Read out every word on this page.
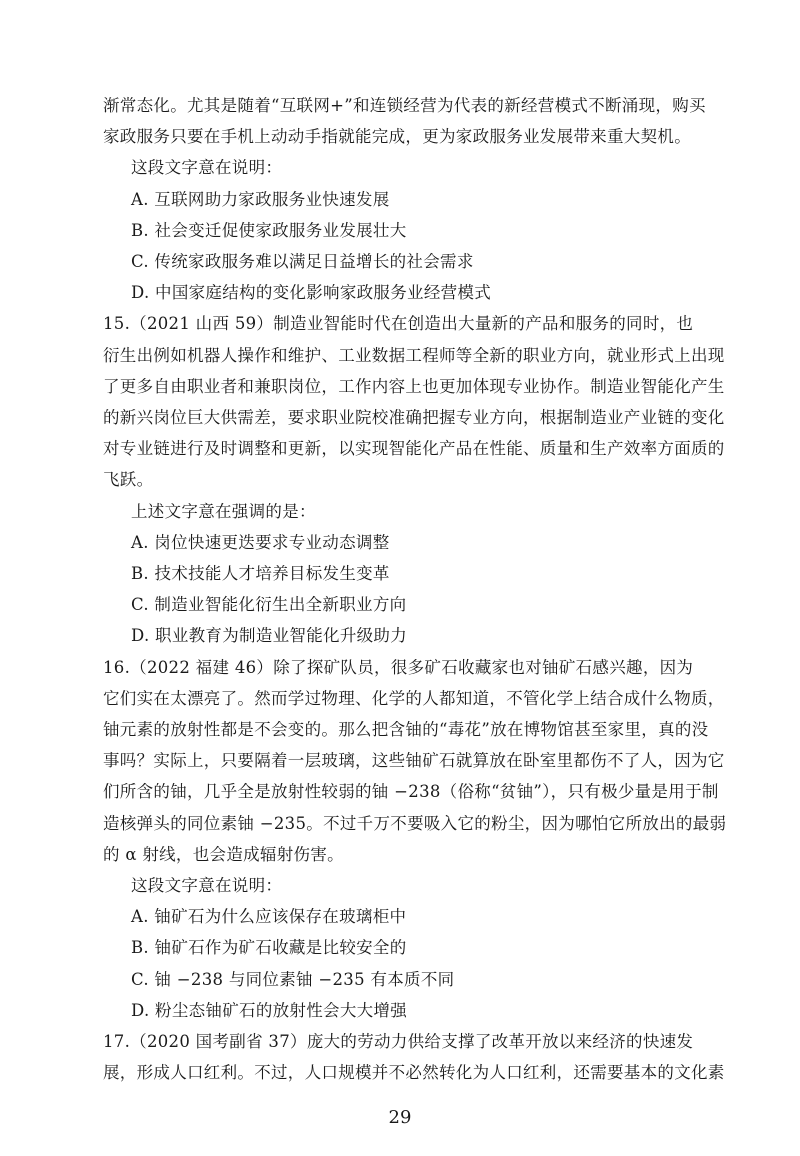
渐常态化。尤其是随着“互联网+”和连锁经营为代表的新经营模式不断涌现，购买
家政服务只要在手机上动动手指就能完成，更为家政服务业发展带来重大契机。
这段文字意在说明：
A. 互联网助力家政服务业快速发展
B. 社会变迁促使家政服务业发展壮大
C. 传统家政服务难以满足日益增长的社会需求
D. 中国家庭结构的变化影响家政服务业经营模式
15.（2021 山西 59）制造业智能时代在创造出大量新的产品和服务的同时，也
衍生出例如机器人操作和维护、工业数据工程师等全新的职业方向，就业形式上出现
了更多自由职业者和兼职岗位，工作内容上也更加体现专业协作。制造业智能化产生
的新兴岗位巨大供需差，要求职业院校准确把握专业方向，根据制造业产业链的变化
对专业链进行及时调整和更新，以实现智能化产品在性能、质量和生产效率方面质的
飞跃。
上述文字意在强调的是：
A. 岗位快速更迭要求专业动态调整
B. 技术技能人才培养目标发生变革
C. 制造业智能化衍生出全新职业方向
D. 职业教育为制造业智能化升级助力
16.（2022 福建 46）除了探矿队员，很多矿石收藏家也对铀矿石感兴趣，因为
它们实在太漂亮了。然而学过物理、化学的人都知道，不管化学上结合成什么物质，
铀元素的放射性都是不会变的。那么把含铀的“毒花”放在博物馆甚至家里，真的没
事吗？实际上，只要隔着一层玻璃，这些铀矿石就算放在卧室里都伤不了人，因为它
们所含的铀，几乎全是放射性较弱的铀 −238（俗称“贫铀”），只有极少量是用于制
造核弹头的同位素铀 −235。不过千万不要吸入它的粉尘，因为哪怕它所放出的最弱
的 α 射线，也会造成辐射伤害。
这段文字意在说明：
A. 铀矿石为什么应该保存在玻璃柜中
B. 铀矿石作为矿石收藏是比较安全的
C. 铀 −238 与同位素铀 −235 有本质不同
D. 粉尘态铀矿石的放射性会大大增强
17.（2020 国考副省 37）庞大的劳动力供给支撑了改革开放以来经济的快速发
展，形成人口红利。不过，人口规模并不必然转化为人口红利，还需要基本的文化素
29
